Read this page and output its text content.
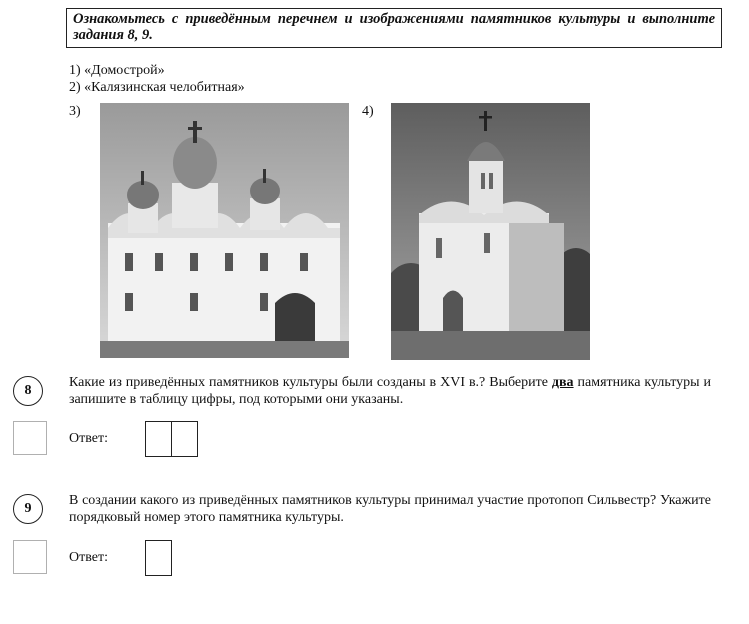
Ознакомьтесь с приведённым перечнем и изображениями памятников культуры и выполните задания 8, 9.
1) «Домострой»
2) «Калязинская челобитная»
3)	4)
8
Какие из приведённых памятников культуры были созданы в XVI в.? Выберите два памятника культуры и запишите в таблицу цифры, под которыми они указаны.
Ответ:
9
В создании какого из приведённых памятников культуры принимал участие протопоп Сильвестр? Укажите порядковый номер этого памятника культуры.
Ответ:
